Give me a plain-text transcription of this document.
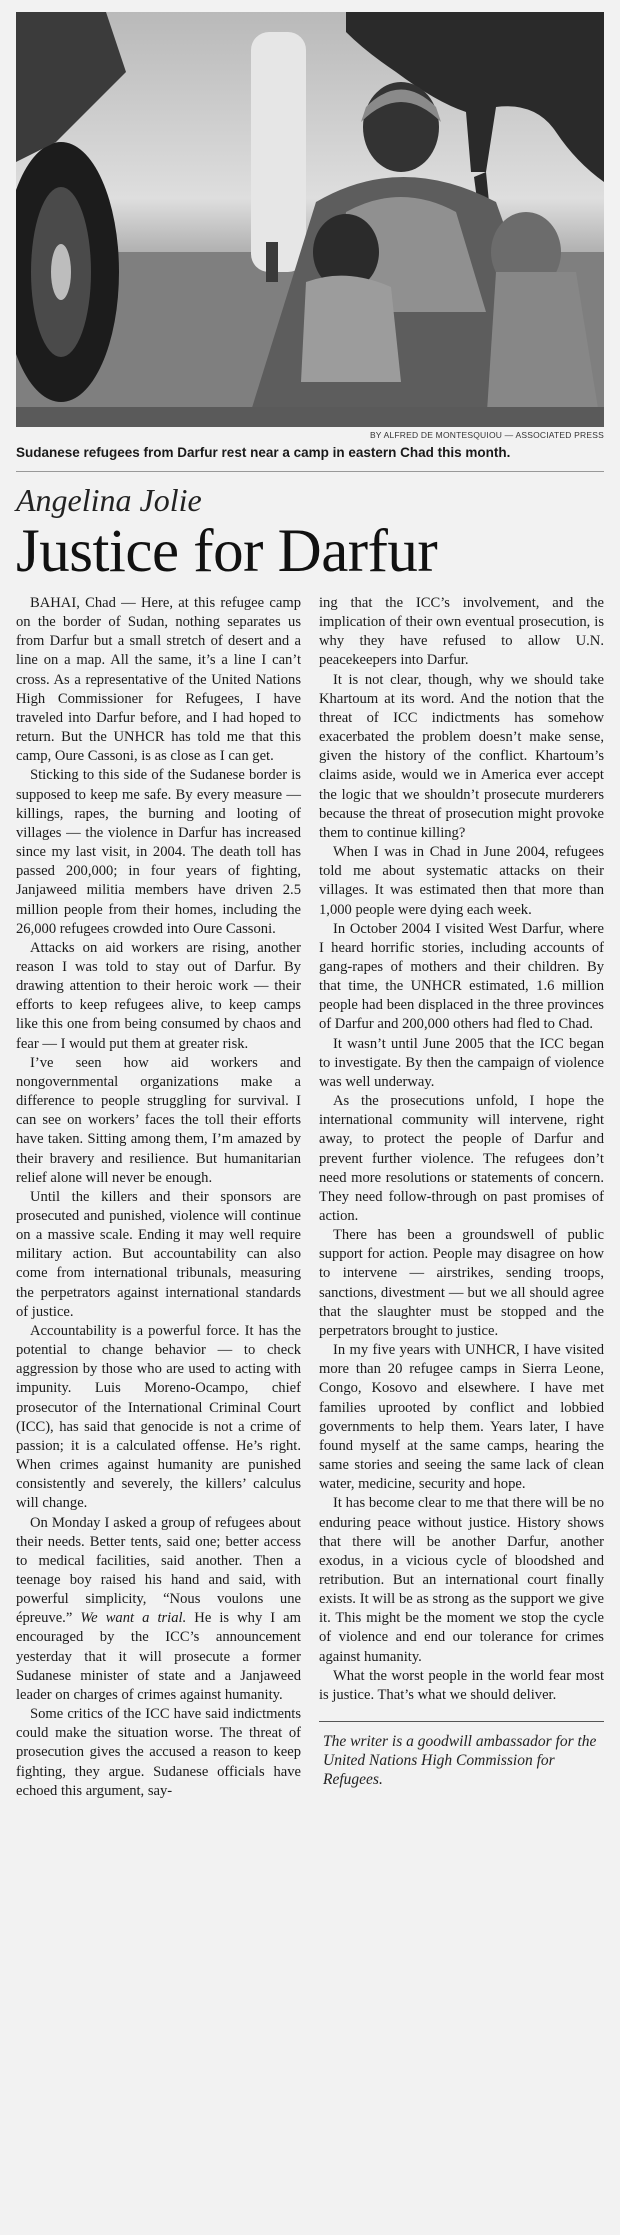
BY ALFRED DE MONTESQUIOU — ASSOCIATED PRESS
Sudanese refugees from Darfur rest near a camp in eastern Chad this month.
Angelina Jolie
Justice for Darfur

BAHAI, Chad — Here, at this refugee camp on the border of Sudan, nothing separates us from Darfur but a small stretch of desert and a line on a map. All the same, it’s a line I can’t cross. As a representative of the United Nations High Commissioner for Refugees, I have traveled into Darfur before, and I had hoped to return. But the UNHCR has told me that this camp, Oure Cassoni, is as close as I can get.

Sticking to this side of the Sudanese border is supposed to keep me safe. By every measure — killings, rapes, the burning and looting of villages — the violence in Darfur has increased since my last visit, in 2004. The death toll has passed 200,000; in four years of fighting, Janjaweed militia members have driven 2.5 million people from their homes, including the 26,000 refugees crowded into Oure Cassoni.

Attacks on aid workers are rising, another reason I was told to stay out of Darfur. By drawing attention to their heroic work — their efforts to keep refugees alive, to keep camps like this one from being consumed by chaos and fear — I would put them at greater risk.

I’ve seen how aid workers and nongovernmental organizations make a difference to people struggling for survival. I can see on workers’ faces the toll their efforts have taken. Sitting among them, I’m amazed by their bravery and resilience. But humanitarian relief alone will never be enough.

Until the killers and their sponsors are prosecuted and punished, violence will continue on a massive scale. Ending it may well require military action. But accountability can also come from international tribunals, measuring the perpetrators against international standards of justice.

Accountability is a powerful force. It has the potential to change behavior — to check aggression by those who are used to acting with impunity. Luis Moreno-Ocampo, chief prosecutor of the International Criminal Court (ICC), has said that genocide is not a crime of passion; it is a calculated offense. He’s right. When crimes against humanity are punished consistently and severely, the killers’ calculus will change.

On Monday I asked a group of refugees about their needs. Better tents, said one; better access to medical facilities, said another. Then a teenage boy raised his hand and said, with powerful simplicity, “Nous voulons une épreuve.” We want a trial. He is why I am encouraged by the ICC’s announcement yesterday that it will prosecute a former Sudanese minister of state and a Janjaweed leader on charges of crimes against humanity.

Some critics of the ICC have said indictments could make the situation worse. The threat of prosecution gives the accused a reason to keep fighting, they argue. Sudanese officials have echoed this argument, say-

ing that the ICC’s involvement, and the implication of their own eventual prosecution, is why they have refused to allow U.N. peacekeepers into Darfur.

It is not clear, though, why we should take Khartoum at its word. And the notion that the threat of ICC indictments has somehow exacerbated the problem doesn’t make sense, given the history of the conflict. Khartoum’s claims aside, would we in America ever accept the logic that we shouldn’t prosecute murderers because the threat of prosecution might provoke them to continue killing?

When I was in Chad in June 2004, refugees told me about systematic attacks on their villages. It was estimated then that more than 1,000 people were dying each week.

In October 2004 I visited West Darfur, where I heard horrific stories, including accounts of gang-rapes of mothers and their children. By that time, the UNHCR estimated, 1.6 million people had been displaced in the three provinces of Darfur and 200,000 others had fled to Chad.

It wasn’t until June 2005 that the ICC began to investigate. By then the campaign of violence was well underway.

As the prosecutions unfold, I hope the international community will intervene, right away, to protect the people of Darfur and prevent further violence. The refugees don’t need more resolutions or statements of concern. They need follow-through on past promises of action.

There has been a groundswell of public support for action. People may disagree on how to intervene — airstrikes, sending troops, sanctions, divestment — but we all should agree that the slaughter must be stopped and the perpetrators brought to justice.

In my five years with UNHCR, I have visited more than 20 refugee camps in Sierra Leone, Congo, Kosovo and elsewhere. I have met families uprooted by conflict and lobbied governments to help them. Years later, I have found myself at the same camps, hearing the same stories and seeing the same lack of clean water, medicine, security and hope.

It has become clear to me that there will be no enduring peace without justice. History shows that there will be another Darfur, another exodus, in a vicious cycle of bloodshed and retribution. But an international court finally exists. It will be as strong as the support we give it. This might be the moment we stop the cycle of violence and end our tolerance for crimes against humanity.

What the worst people in the world fear most is justice. That’s what we should deliver.

The writer is a goodwill ambassador for the United Nations High Commission for Refugees.
